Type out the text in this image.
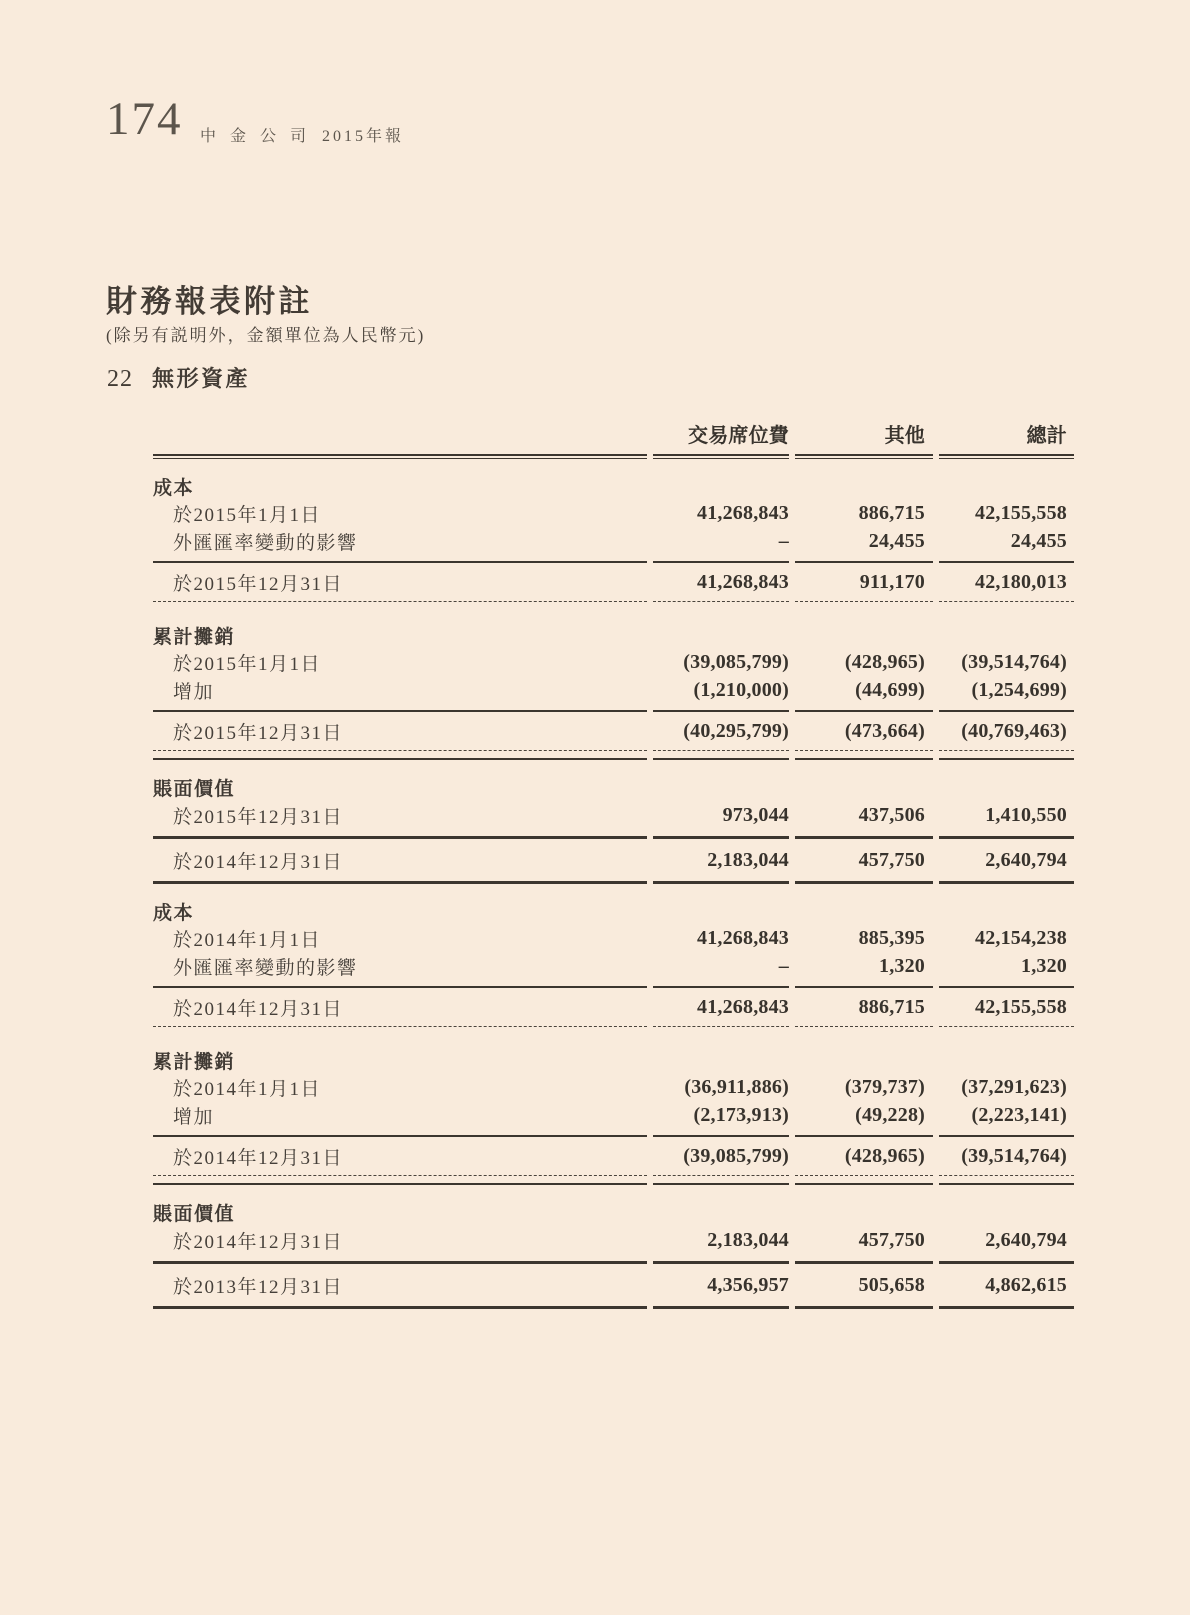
174 中金公司 2015年報
財務報表附註
(除另有説明外，金額單位為人民幣元)
22 無形資產
交易席位費	其他	總計
成本
於2015年1月1日	41,268,843	886,715	42,155,558
外匯匯率變動的影響	–	24,455	24,455
於2015年12月31日	41,268,843	911,170	42,180,013
累計攤銷
於2015年1月1日	(39,085,799)	(428,965)	(39,514,764)
增加	(1,210,000)	(44,699)	(1,254,699)
於2015年12月31日	(40,295,799)	(473,664)	(40,769,463)
賬面價值
於2015年12月31日	973,044	437,506	1,410,550
於2014年12月31日	2,183,044	457,750	2,640,794
成本
於2014年1月1日	41,268,843	885,395	42,154,238
外匯匯率變動的影響	–	1,320	1,320
於2014年12月31日	41,268,843	886,715	42,155,558
累計攤銷
於2014年1月1日	(36,911,886)	(379,737)	(37,291,623)
增加	(2,173,913)	(49,228)	(2,223,141)
於2014年12月31日	(39,085,799)	(428,965)	(39,514,764)
賬面價值
於2014年12月31日	2,183,044	457,750	2,640,794
於2013年12月31日	4,356,957	505,658	4,862,615
